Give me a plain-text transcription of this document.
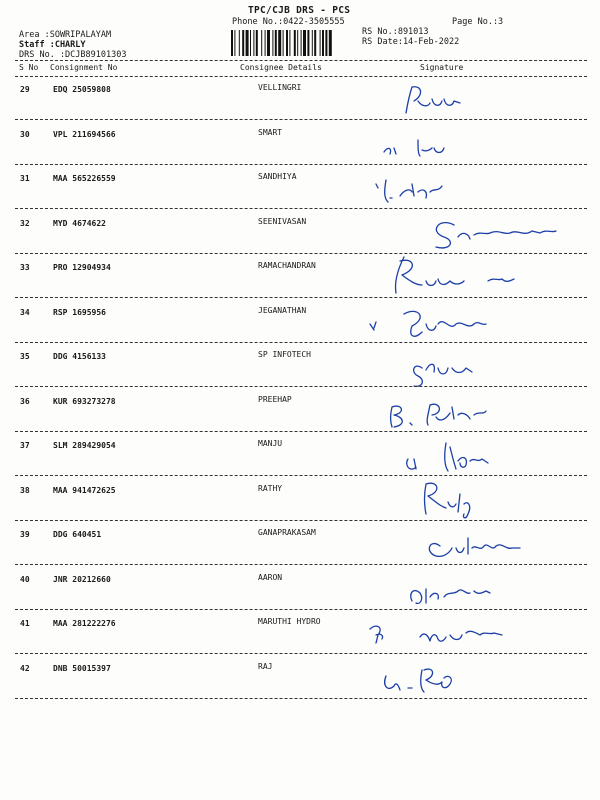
TPC/CJB DRS - PCS
Phone No.:0422-3505555	Page No.:3
Area :SOWRIPALAYAM
Staff :CHARLY
DRS No. :DCJB89101303
RS No.:891013
RS Date:14-Feb-2022
S No Consignment No	Consignee Details	Signature
29	EDQ 25059808	VELLINGRI
30	VPL 211694566	SMART
31	MAA 565226559	SANDHIYA
32	MYD 4674622	SEENIVASAN
33	PRO 12904934	RAMACHANDRAN
34	RSP 1695956	JEGANATHAN
35	DDG 4156133	SP INFOTECH
36	KUR 693273278	PREEHAP
37	SLM 289429054	MANJU
38	MAA 941472625	RATHY
39	DDG 640451	GANAPRAKASAM
40	JNR 20212660	AARON
41	MAA 281222276	MARUTHI HYDRO
42	DNB 50015397	RAJ
